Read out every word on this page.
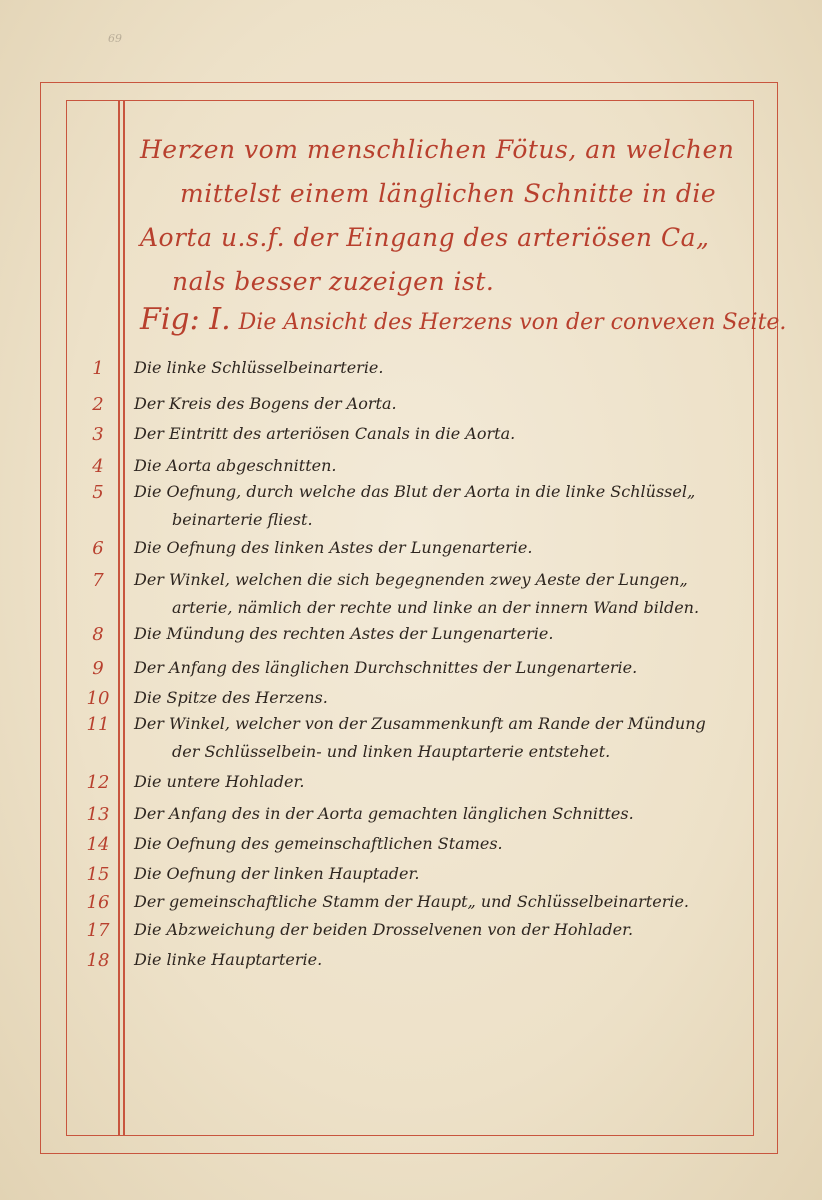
69
Herzen vom menschlichen Fötus, an welchen
mittelst einem länglichen Schnitte in die
Aorta u.s.f. der Eingang des arteriösen Ca„
nals besser zuzeigen ist.
Fig: I. Die Ansicht des Herzens von der convexen Seite.
1	Die linke Schlüsselbeinarterie.
2	Der Kreis des Bogens der Aorta.
3	Der Eintritt des arteriösen Canals in die Aorta.
4	Die Aorta abgeschnitten.
5	Die Oefnung, durch welche das Blut der Aorta in die linke Schlüssel„
beinarterie fliest.
6	Die Oefnung des linken Astes der Lungenarterie.
7	Der Winkel, welchen die sich begegnenden zwey Aeste der Lungen„
arterie, nämlich der rechte und linke an der innern Wand bilden.
8	Die Mündung des rechten Astes der Lungenarterie.
9	Der Anfang des länglichen Durchschnittes der Lungenarterie.
10	Die Spitze des Herzens.
11	Der Winkel, welcher von der Zusammenkunft am Rande der Mündung
der Schlüsselbein- und linken Hauptarterie entstehet.
12	Die untere Hohlader.
13	Der Anfang des in der Aorta gemachten länglichen Schnittes.
14	Die Oefnung des gemeinschaftlichen Stames.
15	Die Oefnung der linken Hauptader.
16	Der gemeinschaftliche Stamm der Haupt„ und Schlüsselbeinarterie.
17	Die Abzweichung der beiden Drosselvenen von der Hohlader.
18	Die linke Hauptarterie.
